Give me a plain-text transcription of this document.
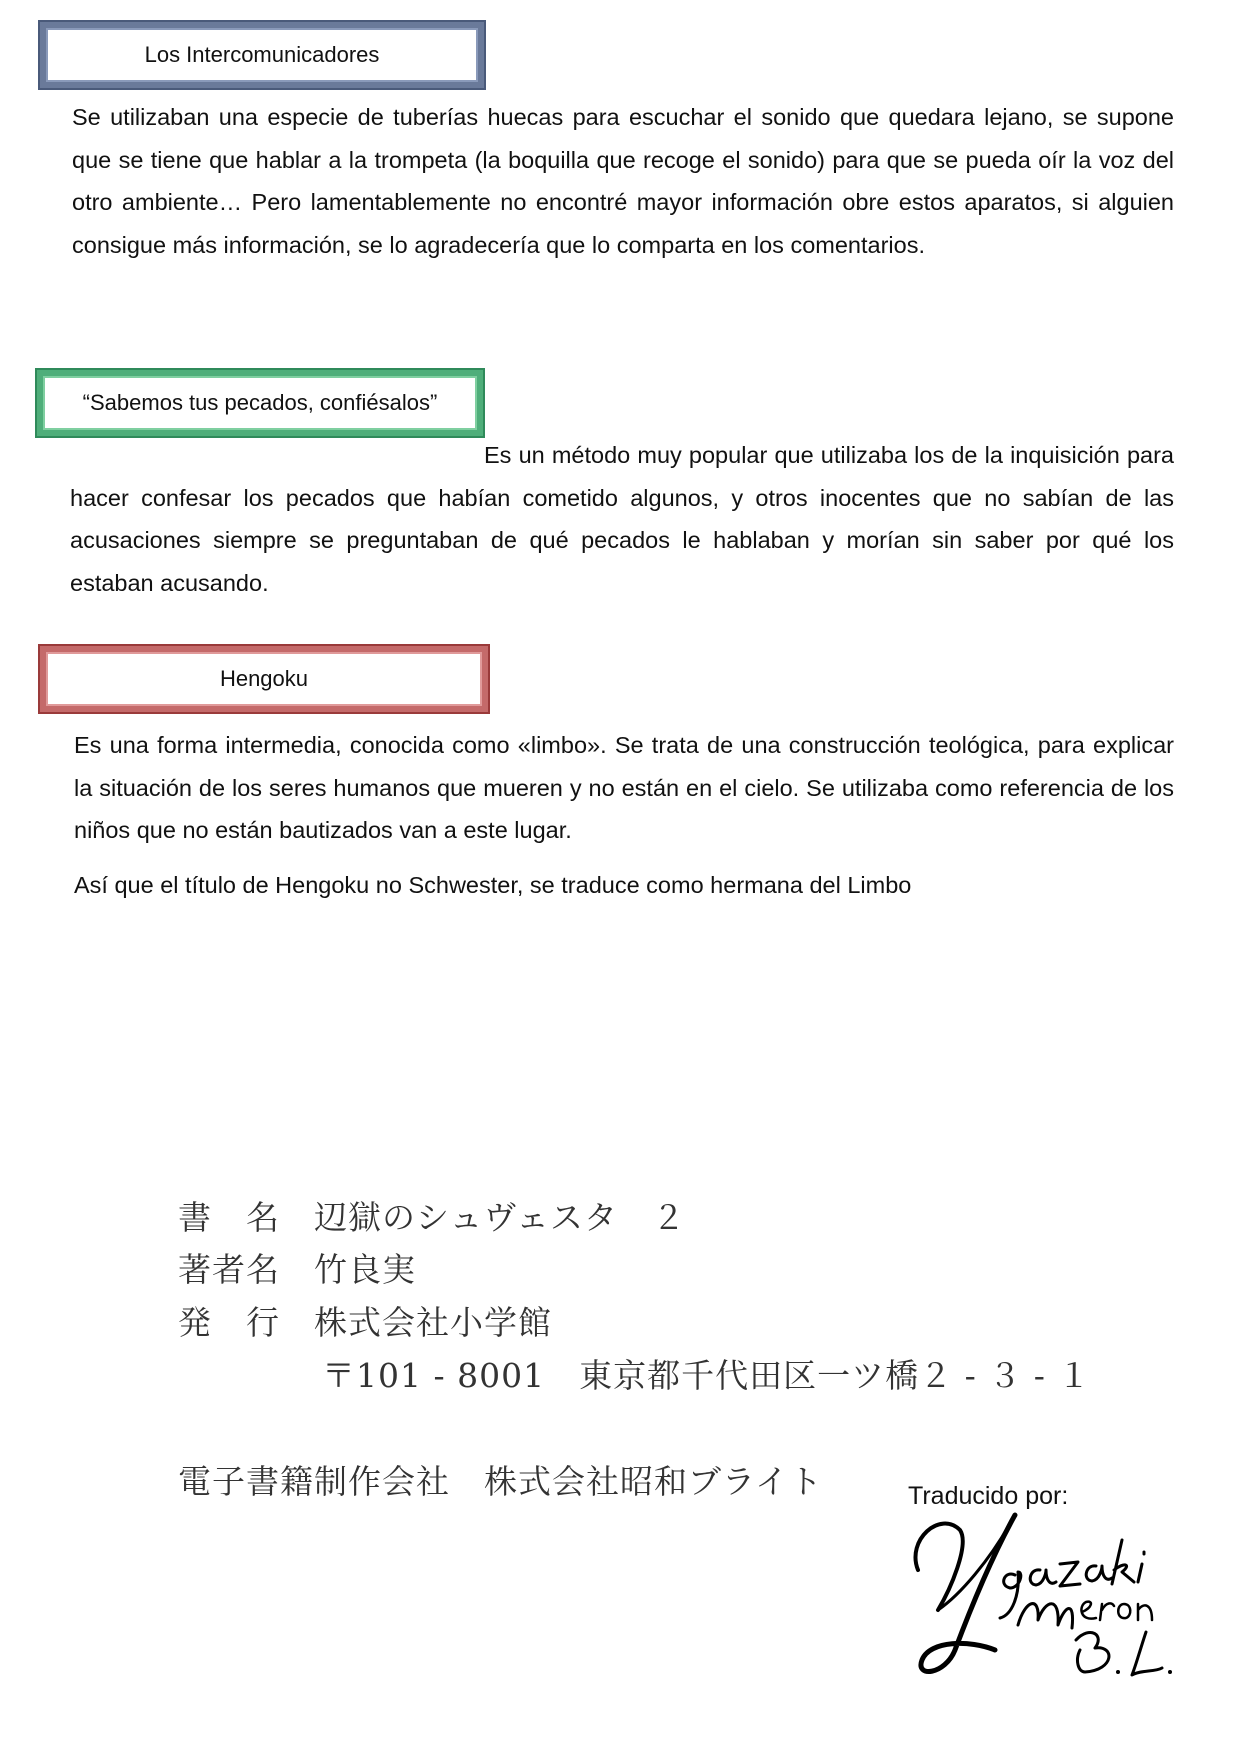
Los Intercomunicadores

Se utilizaban una especie de tuberías huecas para escuchar el sonido que quedara lejano, se supone que se tiene que hablar a la trompeta (la boquilla que recoge el sonido) para que se pueda oír la voz del otro ambiente… Pero lamentablemente no encontré mayor información obre estos aparatos, si alguien consigue más información, se lo agradecería que lo comparta en los comentarios.

“Sabemos tus pecados, confiésalos”

Es un método muy popular que utilizaba los de la inquisición para hacer confesar los pecados que habían cometido algunos, y otros inocentes que no sabían de las acusaciones siempre se preguntaban de qué pecados le hablaban y morían sin saber por qué los estaban acusando.

Hengoku

Es una forma intermedia, conocida como «limbo». Se trata de una construcción teológica, para explicar la situación de los seres humanos que mueren y no están en el cielo. Se utilizaba como referencia de los niños que no están bautizados van a este lugar.

Así que el título de Hengoku no Schwester, se traduce como hermana del Limbo

書　名　辺獄のシュヴェスタ　２
著者名　竹良実
発　行　株式会社小学館
〒101 - 8001　東京都千代田区一ツ橋２ - ３ - １
電子書籍制作会社　株式会社昭和ブライト	Traducido por:
